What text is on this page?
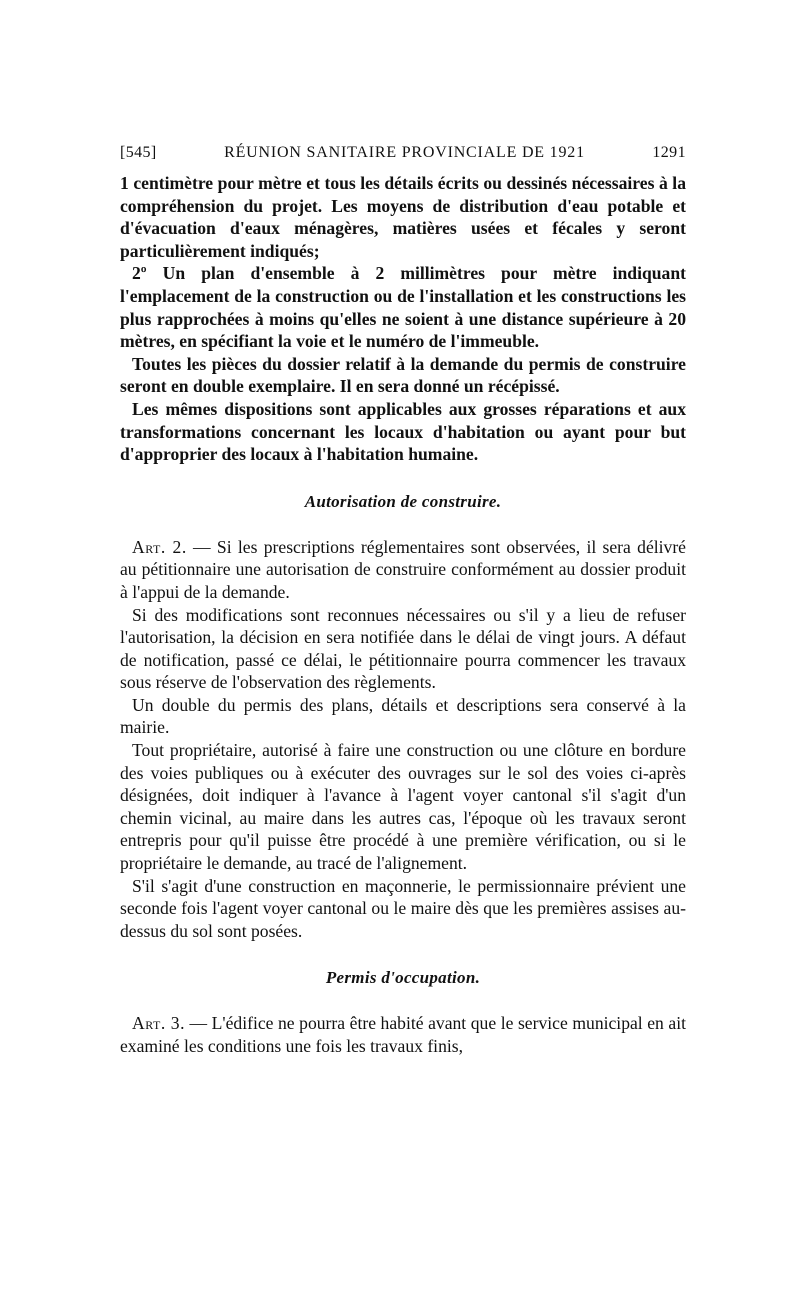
[545]	RÉUNION SANITAIRE PROVINCIALE DE 1921	1291

1 centimètre pour mètre et tous les détails écrits ou dessinés nécessaires à la compréhension du projet. Les moyens de distribution d'eau potable et d'évacuation d'eaux ménagères, matières usées et fécales y seront particulièrement indiqués;

2º Un plan d'ensemble à 2 millimètres pour mètre indiquant l'emplacement de la construction ou de l'installation et les constructions les plus rapprochées à moins qu'elles ne soient à une distance supérieure à 20 mètres, en spécifiant la voie et le numéro de l'immeuble.

Toutes les pièces du dossier relatif à la demande du permis de construire seront en double exemplaire. Il en sera donné un récépissé.

Les mêmes dispositions sont applicables aux grosses réparations et aux transformations concernant les locaux d'habitation ou ayant pour but d'approprier des locaux à l'habitation humaine.

Autorisation de construire.

Art. 2. — Si les prescriptions réglementaires sont observées, il sera délivré au pétitionnaire une autorisation de construire conformément au dossier produit à l'appui de la demande.

Si des modifications sont reconnues nécessaires ou s'il y a lieu de refuser l'autorisation, la décision en sera notifiée dans le délai de vingt jours. A défaut de notification, passé ce délai, le pétitionnaire pourra commencer les travaux sous réserve de l'observation des règlements.

Un double du permis des plans, détails et descriptions sera conservé à la mairie.

Tout propriétaire, autorisé à faire une construction ou une clôture en bordure des voies publiques ou à exécuter des ouvrages sur le sol des voies ci-après désignées, doit indiquer à l'avance à l'agent voyer cantonal s'il s'agit d'un chemin vicinal, au maire dans les autres cas, l'époque où les travaux seront entrepris pour qu'il puisse être procédé à une première vérification, ou si le propriétaire le demande, au tracé de l'alignement.

S'il s'agit d'une construction en maçonnerie, le permissionnaire prévient une seconde fois l'agent voyer cantonal ou le maire dès que les premières assises au-dessus du sol sont posées.

Permis d'occupation.

Art. 3. — L'édifice ne pourra être habité avant que le service municipal en ait examiné les conditions une fois les travaux finis,
